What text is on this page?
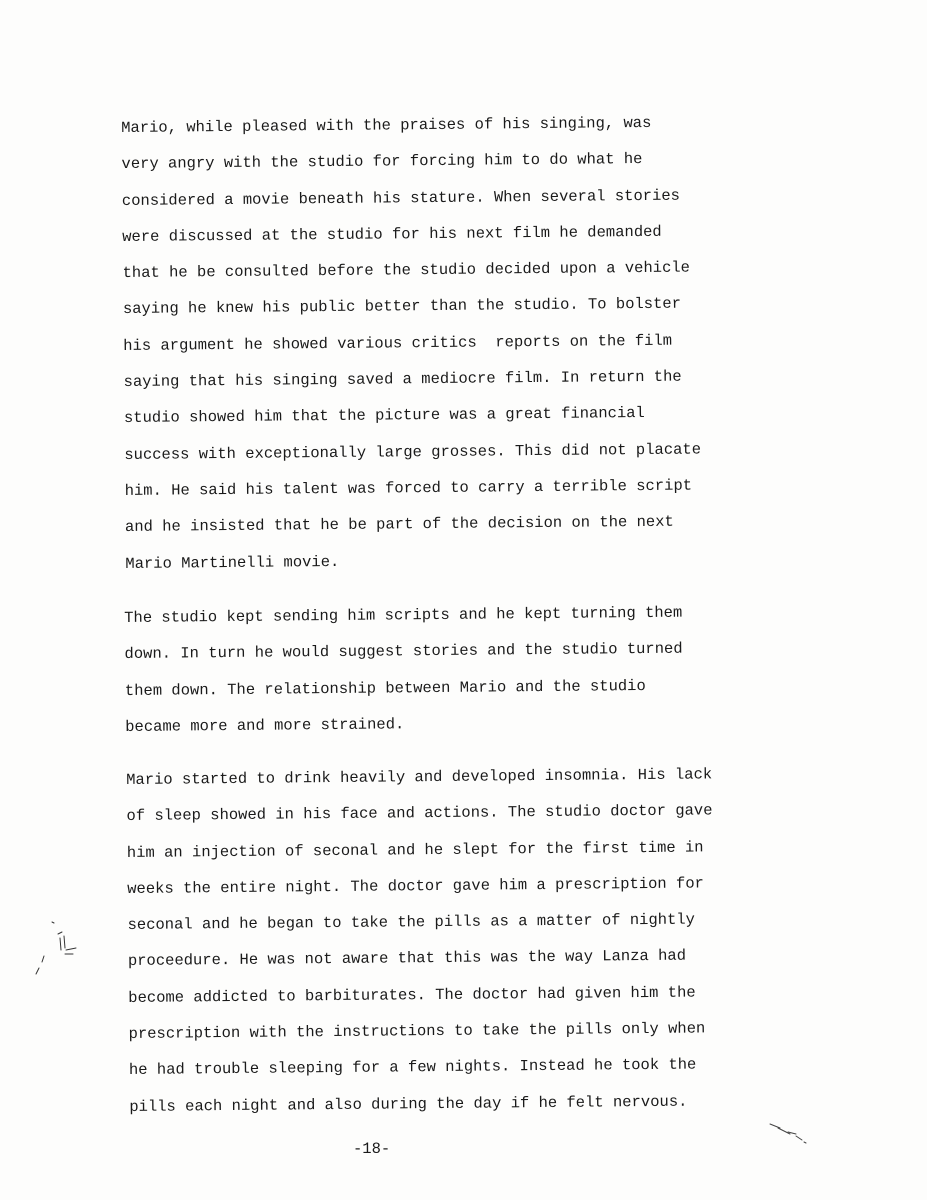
Mario, while pleased with the praises of his singing, was
very angry with the studio for forcing him to do what he
considered a movie beneath his stature. When several stories
were discussed at the studio for his next film he demanded
that he be consulted before the studio decided upon a vehicle
saying he knew his public better than the studio. To bolster
his argument he showed various critics  reports on the film
saying that his singing saved a mediocre film. In return the
studio showed him that the picture was a great financial
success with exceptionally large grosses. This did not placate
him. He said his talent was forced to carry a terrible script
and he insisted that he be part of the decision on the next
Mario Martinelli movie.

The studio kept sending him scripts and he kept turning them
down. In turn he would suggest stories and the studio turned
them down. The relationship between Mario and the studio
became more and more strained.

Mario started to drink heavily and developed insomnia. His lack
of sleep showed in his face and actions. The studio doctor gave
him an injection of seconal and he slept for the first time in
weeks the entire night. The doctor gave him a prescription for
seconal and he began to take the pills as a matter of nightly
proceedure. He was not aware that this was the way Lanza had
become addicted to barbiturates. The doctor had given him the
prescription with the instructions to take the pills only when
he had trouble sleeping for a few nights. Instead he took the
pills each night and also during the day if he felt nervous.

-18-
